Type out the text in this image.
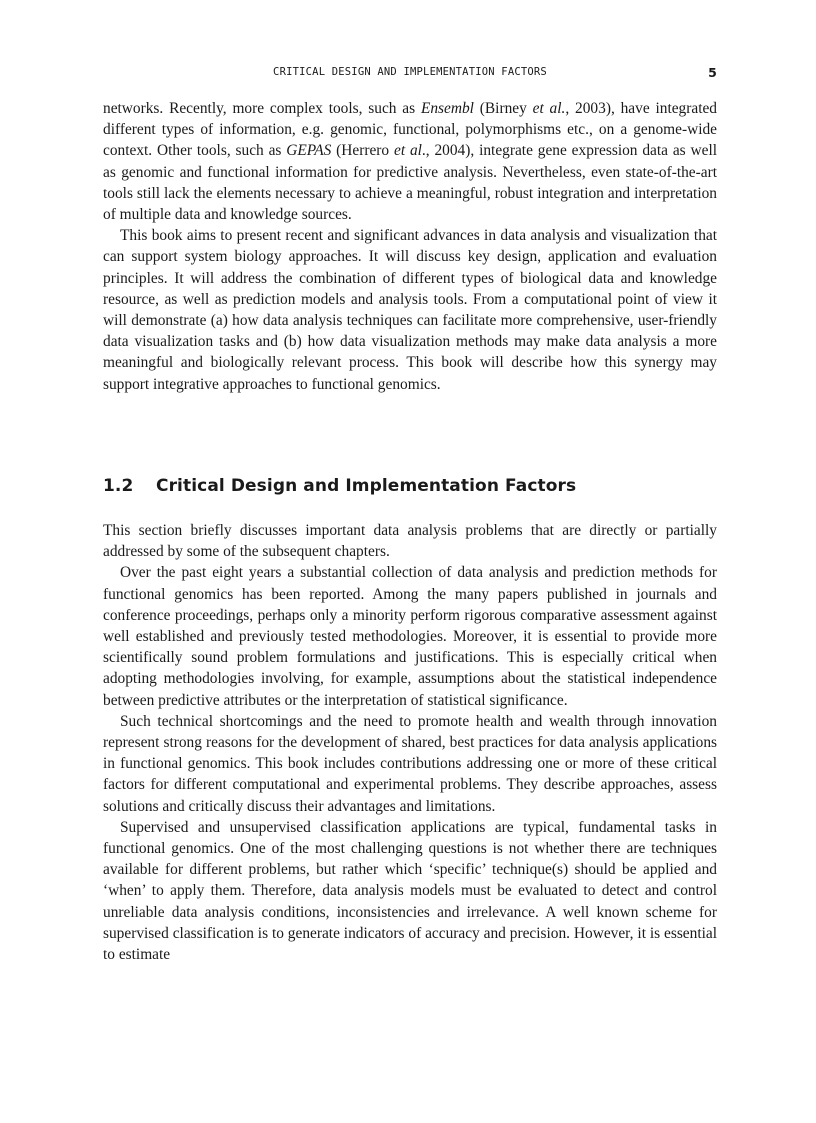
CRITICAL DESIGN AND IMPLEMENTATION FACTORS	5

networks. Recently, more complex tools, such as Ensembl (Birney et al., 2003), have integrated different types of information, e.g. genomic, functional, polymorphisms etc., on a genome-wide context. Other tools, such as GEPAS (Herrero et al., 2004), integrate gene expression data as well as genomic and functional information for predictive analysis. Nevertheless, even state-of-the-art tools still lack the elements necessary to achieve a meaningful, robust integration and interpretation of multiple data and knowledge sources.

This book aims to present recent and significant advances in data analysis and visualization that can support system biology approaches. It will discuss key design, application and evaluation principles. It will address the combination of different types of biological data and knowledge resource, as well as prediction models and analysis tools. From a computational point of view it will demonstrate (a) how data analysis techniques can facilitate more comprehensive, user-friendly data visualization tasks and (b) how data visualization methods may make data analysis a more meaningful and biologically relevant process. This book will describe how this synergy may support integrative approaches to functional genomics.

1.2 Critical Design and Implementation Factors

This section briefly discusses important data analysis problems that are directly or partially addressed by some of the subsequent chapters.

Over the past eight years a substantial collection of data analysis and prediction methods for functional genomics has been reported. Among the many papers published in journals and conference proceedings, perhaps only a minority perform rigorous comparative assessment against well established and previously tested methodologies. Moreover, it is essential to provide more scientifically sound problem formulations and justifications. This is especially critical when adopting methodologies involving, for example, assumptions about the statistical independence between predictive attributes or the interpretation of statistical significance.

Such technical shortcomings and the need to promote health and wealth through innovation represent strong reasons for the development of shared, best practices for data analysis applications in functional genomics. This book includes contributions addressing one or more of these critical factors for different computational and experimental problems. They describe approaches, assess solutions and critically discuss their advantages and limitations.

Supervised and unsupervised classification applications are typical, fundamental tasks in functional genomics. One of the most challenging questions is not whether there are techniques available for different problems, but rather which ‘specific’ technique(s) should be applied and ‘when’ to apply them. Therefore, data analysis models must be evaluated to detect and control unreliable data analysis conditions, inconsistencies and irrelevance. A well known scheme for supervised classification is to generate indicators of accuracy and precision. However, it is essential to estimate
